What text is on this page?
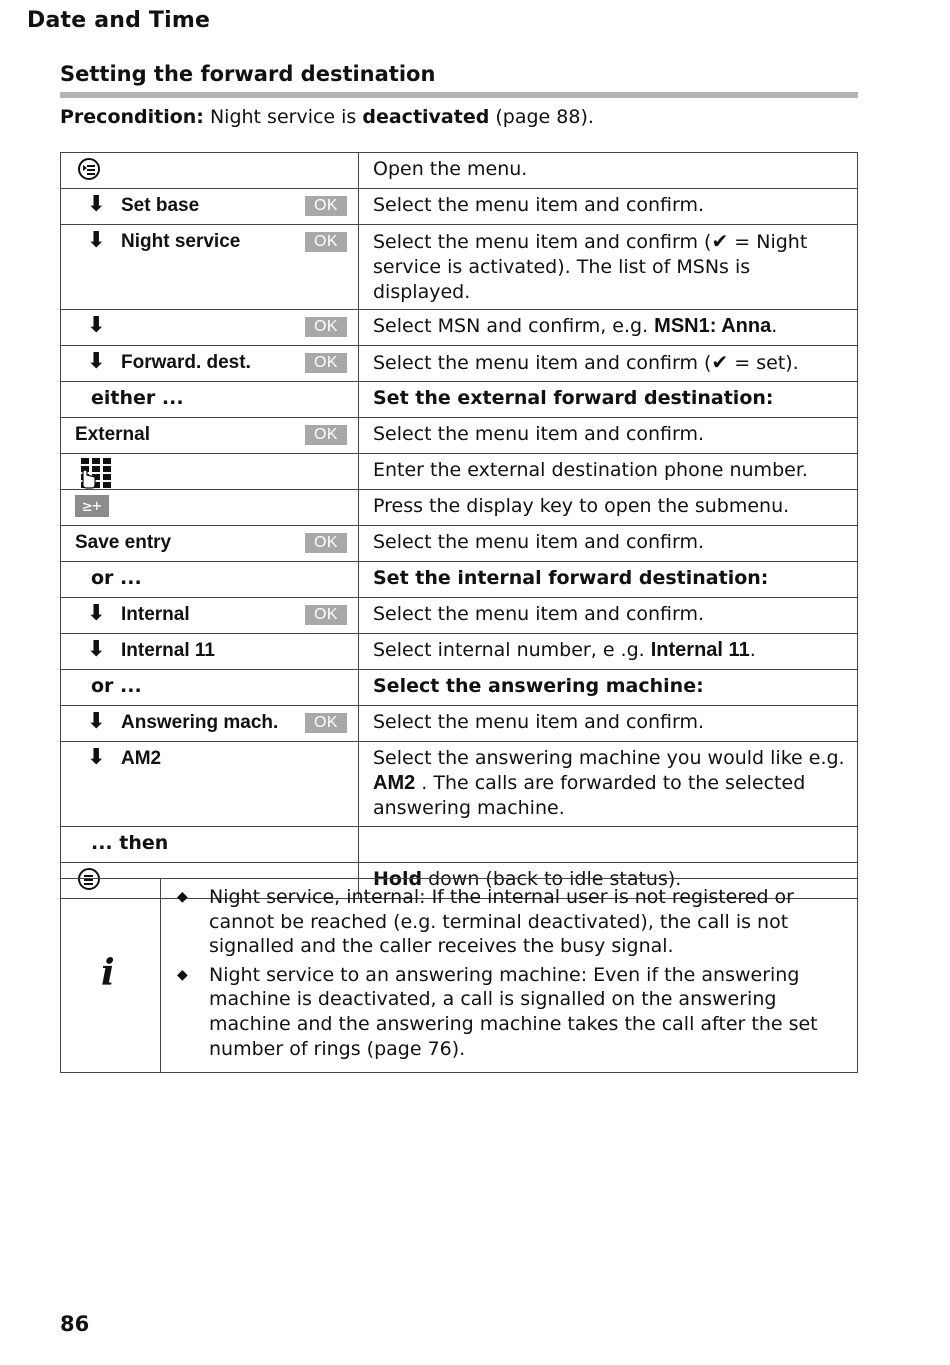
Date and Time
Setting the forward destination
Precondition: Night service is deactivated (page 88).
	Open the menu.

⬇ Set base OK	Select the menu item and confirm.

⬇ Night service OK	Select the menu item and confirm (✔ = Night service is activated). The list of MSNs is displayed.

⬇ OK	Select MSN and confirm, e.g. MSN1: Anna.

⬇ Forward. dest. OK	Select the menu item and confirm (✔ = set).

either ...	Set the external forward destination:

External OK	Select the menu item and confirm.

	Enter the external destination phone number.

≥+	Press the display key to open the submenu.

Save entry OK	Select the menu item and confirm.

or ...	Set the internal forward destination:

⬇ Internal OK	Select the menu item and confirm.

⬇ Internal 11	Select internal number, e .g. Internal 11.

or ...	Select the answering machine:

⬇ Answering mach. OK	Select the menu item and confirm.

⬇ AM2	Select the answering machine you would like e.g. AM2 . The calls are forwarded to the selected answering machine.

... then	

	Hold down (back to idle status).
i
◆ Night service, internal: If the internal user is not registered or cannot be reached (e.g. terminal deactivated), the call is not signalled and the caller receives the busy signal.
◆ Night service to an answering machine: Even if the answering machine is deactivated, a call is signalled on the answering machine and the answering machine takes the call after the set number of rings (page 76).
86
